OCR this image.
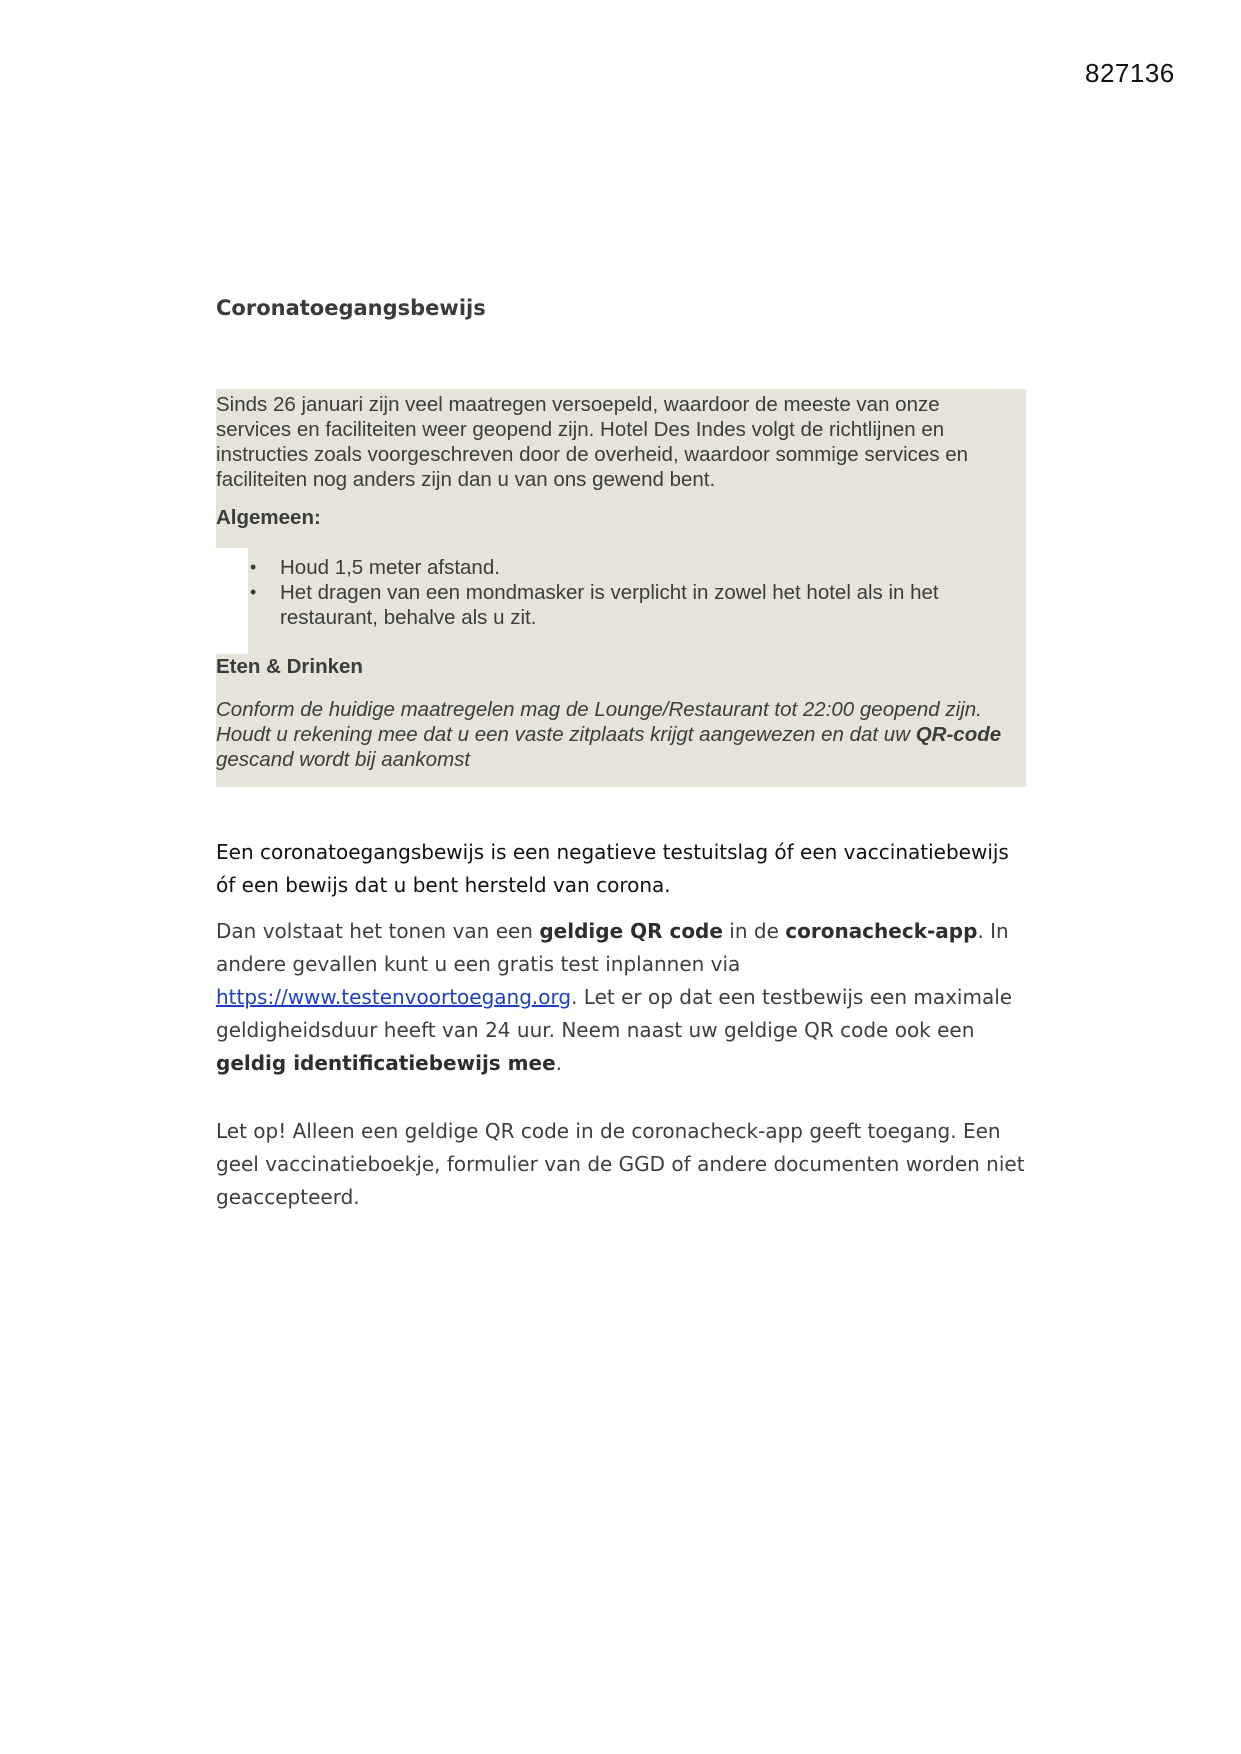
827136
Coronatoegangsbewijs
Sinds 26 januari zijn veel maatregen versoepeld, waardoor de meeste van onze services en faciliteiten weer geopend zijn. Hotel Des Indes volgt de richtlijnen en instructies zoals voorgeschreven door de overheid, waardoor sommige services en faciliteiten nog anders zijn dan u van ons gewend bent.
Algemeen:
• Houd 1,5 meter afstand.
• Het dragen van een mondmasker is verplicht in zowel het hotel als in het restaurant, behalve als u zit.
Eten & Drinken
Conform de huidige maatregelen mag de Lounge/Restaurant tot 22:00 geopend zijn. Houdt u rekening mee dat u een vaste zitplaats krijgt aangewezen en dat uw QR-code gescand wordt bij aankomst
Een coronatoegangsbewijs is een negatieve testuitslag óf een vaccinatiebewijs óf een bewijs dat u bent hersteld van corona.
Dan volstaat het tonen van een geldige QR code in de coronacheck-app. In andere gevallen kunt u een gratis test inplannen via https://www.testenvoortoegang.org. Let er op dat een testbewijs een maximale geldigheidsduur heeft van 24 uur. Neem naast uw geldige QR code ook een geldig identificatiebewijs mee.
Let op! Alleen een geldige QR code in de coronacheck-app geeft toegang. Een geel vaccinatieboekje, formulier van de GGD of andere documenten worden niet geaccepteerd.
